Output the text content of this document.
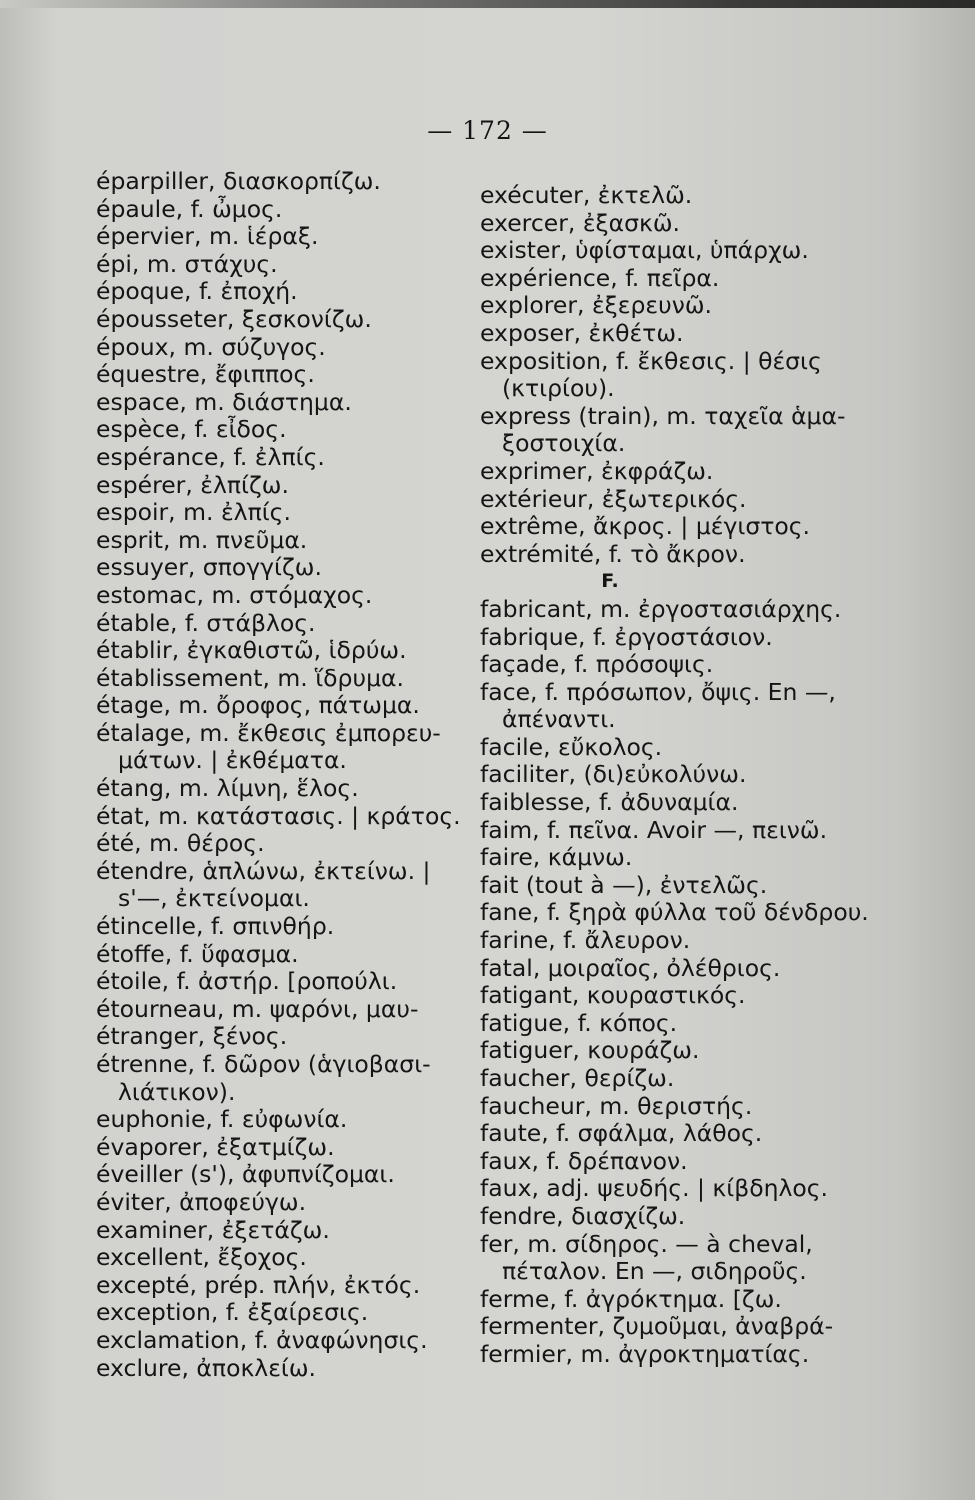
— 172 —
éparpiller, διασκορπίζω.
épaule, f. ὦμος.
épervier, m. ἱέραξ.
épi, m. στάχυς.
époque, f. ἐποχή.
épousseter, ξεσκονίζω.
époux, m. σύζυγος.
équestre, ἔφιππος.
espace, m. διάστημα.
espèce, f. εἶδος.
espérance, f. ἐλπίς.
espérer, ἐλπίζω.
espoir, m. ἐλπίς.
esprit, m. πνεῦμα.
essuyer, σπογγίζω.
estomac, m. στόμαχος.
étable, f. στάβλος.
établir, ἐγκαθιστῶ, ἱδρύω.
établissement, m. ἵδρυμα.
étage, m. ὄροφος, πάτωμα.
étalage, m. ἔκθεσις ἐμπορευ-
μάτων. | ἐκθέματα.
étang, m. λίμνη, ἕλος.
état, m. κατάστασις. | κράτος.
été, m. θέρος.
étendre, ἁπλώνω, ἐκτείνω. |
s'—, ἐκτείνομαι.
étincelle, f. σπινθήρ.
étoffe, f. ὕφασμα.
étoile, f. ἀστήρ. [ροπούλι.
étourneau, m. ψαρόνι, μαυ-
étranger, ξένος.
étrenne, f. δῶρον (ἁγιοβασι-
λιάτικον).
euphonie, f. εὐφωνία.
évaporer, ἐξατμίζω.
éveiller (s'), ἀφυπνίζομαι.
éviter, ἀποφεύγω.
examiner, ἐξετάζω.
excellent, ἔξοχος.
excepté, prép. πλήν, ἐκτός.
exception, f. ἐξαίρεσις.
exclamation, f. ἀναφώνησις.
exclure, ἀποκλείω.
exécuter, ἐκτελῶ.
exercer, ἐξασκῶ.
exister, ὑφίσταμαι, ὑπάρχω.
expérience, f. πεῖρα.
explorer, ἐξερευνῶ.
exposer, ἐκθέτω.
exposition, f. ἔκθεσις. | θέσις
(κτιρίου).
express (train), m. ταχεῖα ἁμα-
ξοστοιχία.
exprimer, ἐκφράζω.
extérieur, ἐξωτερικός.
extrême, ἄκρος. | μέγιστος.
extrémité, f. τὸ ἄκρον.
F.
fabricant, m. ἐργοστασιάρχης.
fabrique, f. ἐργοστάσιον.
façade, f. πρόσοψις.
face, f. πρόσωπον, ὄψις. En —,
ἀπέναντι.
facile, εὔκολος.
faciliter, (δι)εὐκολύνω.
faiblesse, f. ἀδυναμία.
faim, f. πεῖνα. Avoir —, πεινῶ.
faire, κάμνω.
fait (tout à —), ἐντελῶς.
fane, f. ξηρὰ φύλλα τοῦ δένδρου.
farine, f. ἄλευρον.
fatal, μοιραῖος, ὀλέθριος.
fatigant, κουραστικός.
fatigue, f. κόπος.
fatiguer, κουράζω.
faucher, θερίζω.
faucheur, m. θεριστής.
faute, f. σφάλμα, λάθος.
faux, f. δρέπανον.
faux, adj. ψευδής. | κίβδηλος.
fendre, διασχίζω.
fer, m. σίδηρος. — à cheval,
πέταλον. En —, σιδηροῦς.
ferme, f. ἀγρόκτημα. [ζω.
fermenter, ζυμοῦμαι, ἀναβρά-
fermier, m. ἀγροκτηματίας.
